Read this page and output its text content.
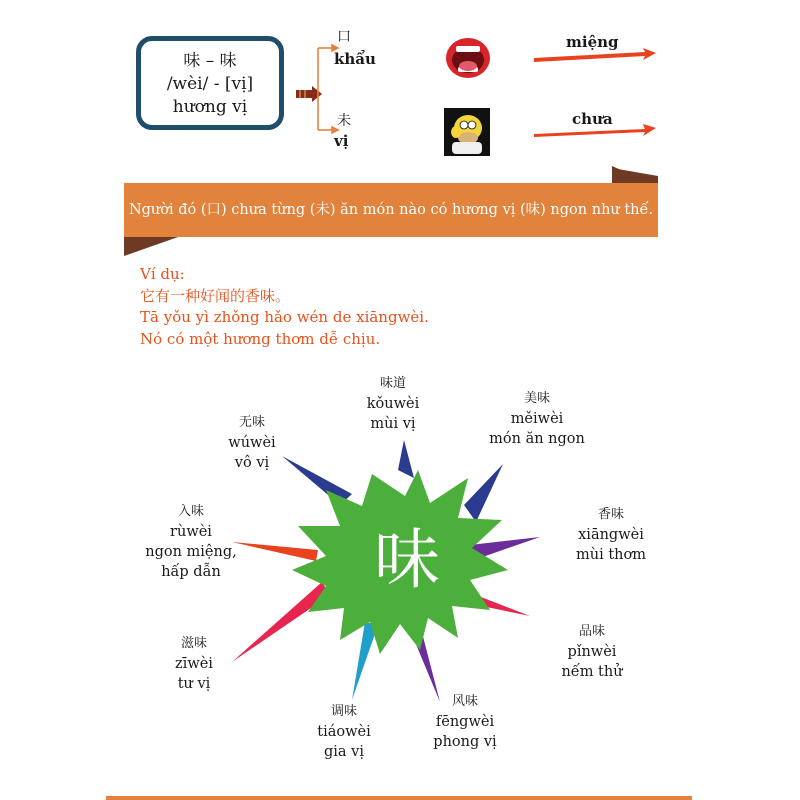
味 – 味
/wèi/ - [vị]
hương vị
口
khẩu
miệng
未
vị
chưa
Người đó (口) chưa từng (未) ăn món nào có hương vị (味) ngon như thế.
Ví dụ:
它有一种好闻的香味。
Tā yǒu yì zhǒng hǎo wén de xiāngwèi.
Nó có một hương thơm dễ chịu.
味
味道
kǒuwèi
mùi vị
美味
měiwèi
món ăn ngon
香味
xiāngwèi
mùi thơm
品味
pǐnwèi
nếm thử
风味
fēngwèi
phong vị
调味
tiáowèi
gia vị
滋味
zīwèi
tư vị
入味
rùwèi
ngon miệng,
hấp dẫn
无味
wúwèi
vô vị
